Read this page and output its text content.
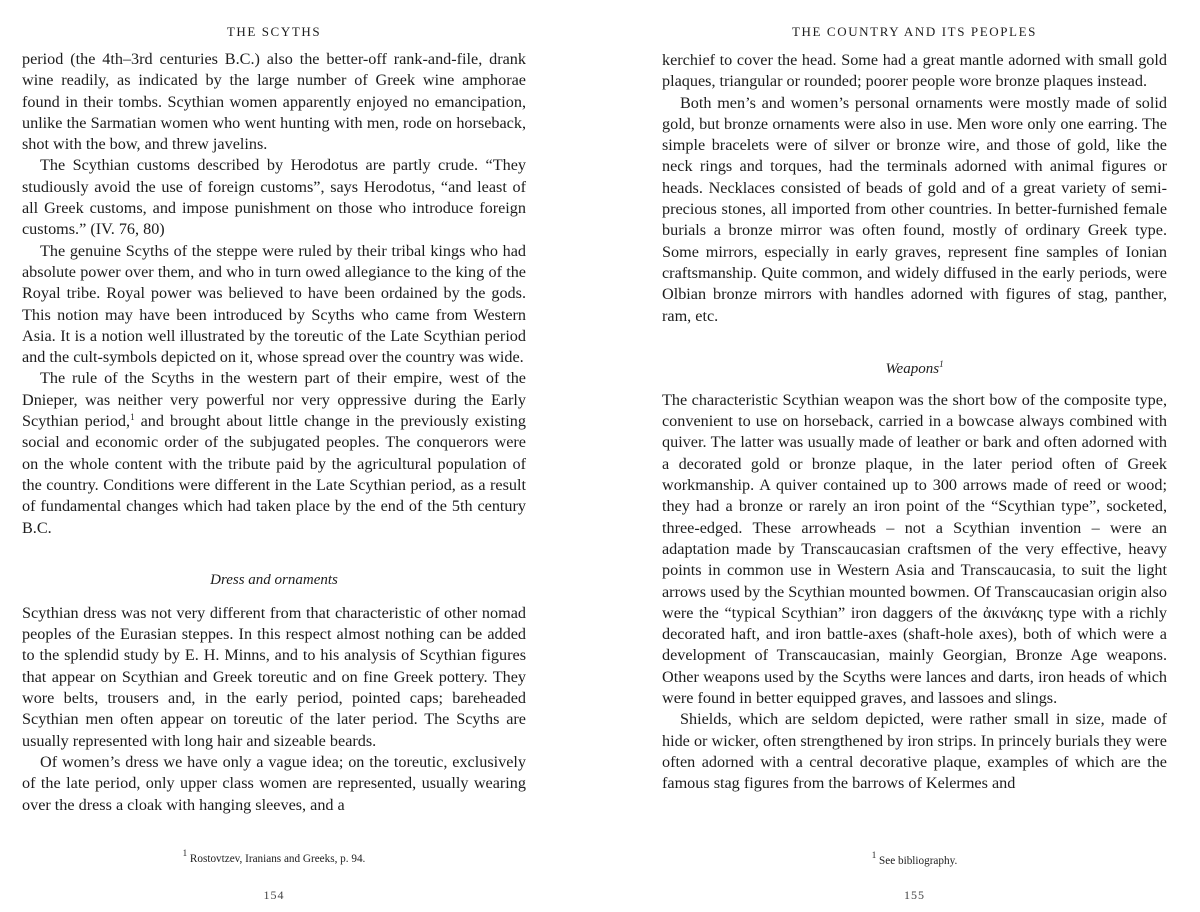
THE SCYTHS

period (the 4th–3rd centuries B.C.) also the better-off rank-and-file, drank wine readily, as indicated by the large number of Greek wine amphorae found in their tombs. Scythian women apparently enjoyed no emancipation, unlike the Sarmatian women who went hunting with men, rode on horseback, shot with the bow, and threw javelins.

The Scythian customs described by Herodotus are partly crude. “They studiously avoid the use of foreign customs”, says Herodotus, “and least of all Greek customs, and impose punishment on those who introduce foreign customs.” (IV. 76, 80)

The genuine Scyths of the steppe were ruled by their tribal kings who had absolute power over them, and who in turn owed allegiance to the king of the Royal tribe. Royal power was believed to have been ordained by the gods. This notion may have been introduced by Scyths who came from Western Asia. It is a notion well illustrated by the toreutic of the Late Scythian period and the cult-symbols depicted on it, whose spread over the country was wide.

The rule of the Scyths in the western part of their empire, west of the Dnieper, was neither very powerful nor very oppressive during the Early Scythian period,$^1$ and brought about little change in the previously existing social and economic order of the subjugated peoples. The conquerors were on the whole content with the tribute paid by the agricultural population of the country. Conditions were different in the Late Scythian period, as a result of fundamental changes which had taken place by the end of the 5th century B.C.

Dress and ornaments

Scythian dress was not very different from that characteristic of other nomad peoples of the Eurasian steppes. In this respect almost nothing can be added to the splendid study by E. H. Minns, and to his analysis of Scythian figures that appear on Scythian and Greek toreutic and on fine Greek pottery. They wore belts, trousers and, in the early period, pointed caps; bareheaded Scythian men often appear on toreutic of the later period. The Scyths are usually represented with long hair and sizeable beards.

Of women’s dress we have only a vague idea; on the toreutic, exclusively of the late period, only upper class women are represented, usually wearing over the dress a cloak with hanging sleeves, and a

$^1$ Rostovtzev, Iranians and Greeks, p. 94.
154
THE COUNTRY AND ITS PEOPLES

kerchief to cover the head. Some had a great mantle adorned with small gold plaques, triangular or rounded; poorer people wore bronze plaques instead.

Both men’s and women’s personal ornaments were mostly made of solid gold, but bronze ornaments were also in use. Men wore only one earring. The simple bracelets were of silver or bronze wire, and those of gold, like the neck rings and torques, had the terminals adorned with animal figures or heads. Necklaces consisted of beads of gold and of a great variety of semi-precious stones, all imported from other countries. In better-furnished female burials a bronze mirror was often found, mostly of ordinary Greek type. Some mirrors, especially in early graves, represent fine samples of Ionian craftsmanship. Quite common, and widely diffused in the early periods, were Olbian bronze mirrors with handles adorned with figures of stag, panther, ram, etc.

Weapons$^1$

The characteristic Scythian weapon was the short bow of the composite type, convenient to use on horseback, carried in a bowcase always combined with quiver. The latter was usually made of leather or bark and often adorned with a decorated gold or bronze plaque, in the later period often of Greek workmanship. A quiver contained up to 300 arrows made of reed or wood; they had a bronze or rarely an iron point of the “Scythian type”, socketed, three-edged. These arrowheads – not a Scythian invention – were an adaptation made by Transcaucasian craftsmen of the very effective, heavy points in common use in Western Asia and Transcaucasia, to suit the light arrows used by the Scythian mounted bowmen. Of Transcaucasian origin also were the “typical Scythian” iron daggers of the ἀκινάκης type with a richly decorated haft, and iron battle-axes (shaft-hole axes), both of which were a development of Transcaucasian, mainly Georgian, Bronze Age weapons. Other weapons used by the Scyths were lances and darts, iron heads of which were found in better equipped graves, and lassoes and slings.

Shields, which are seldom depicted, were rather small in size, made of hide or wicker, often strengthened by iron strips. In princely burials they were often adorned with a central decorative plaque, examples of which are the famous stag figures from the barrows of Kelermes and

$^1$ See bibliography.
155
